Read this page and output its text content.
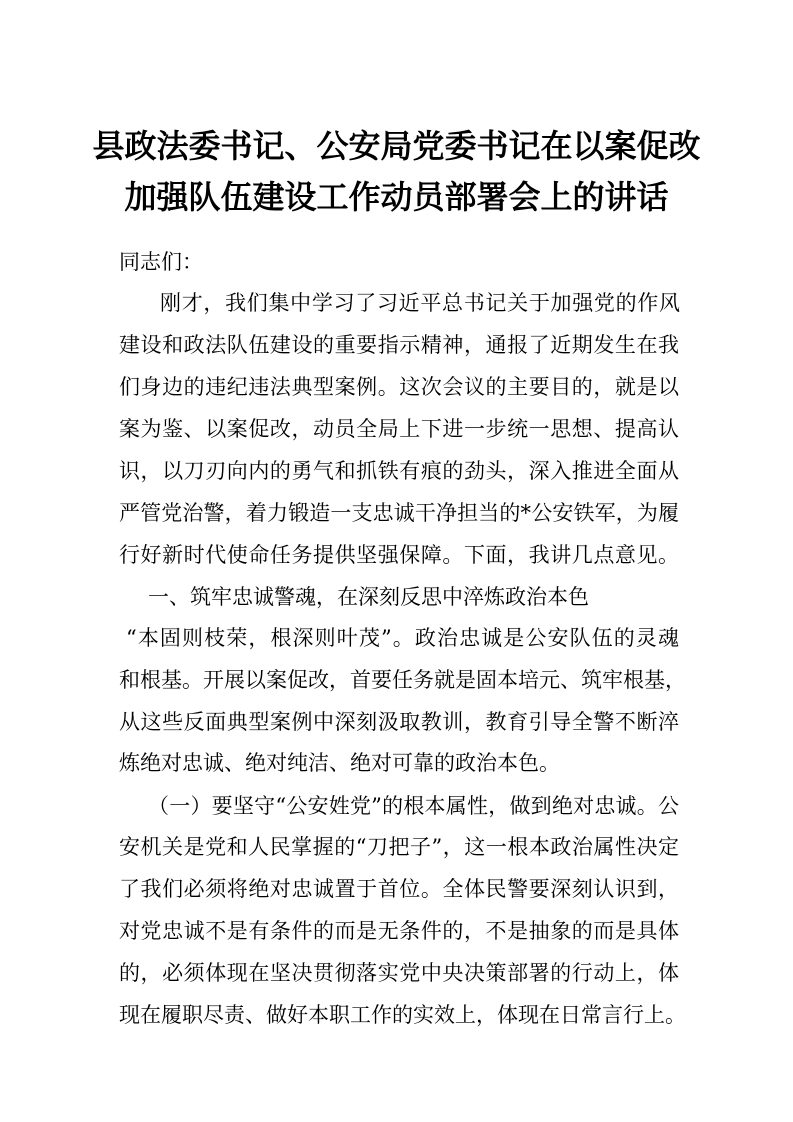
县政法委书记、公安局党委书记在以案促改
加强队伍建设工作动员部署会上的讲话
同志们：
刚才，我们集中学习了习近平总书记关于加强党的作风
建设和政法队伍建设的重要指示精神，通报了近期发生在我
们身边的违纪违法典型案例。这次会议的主要目的，就是以
案为鉴、以案促改，动员全局上下进一步统一思想、提高认
识，以刀刃向内的勇气和抓铁有痕的劲头，深入推进全面从
严管党治警，着力锻造一支忠诚干净担当的*公安铁军，为履
行好新时代使命任务提供坚强保障。下面，我讲几点意见。
一、筑牢忠诚警魂，在深刻反思中淬炼政治本色
“本固则枝荣，根深则叶茂”。政治忠诚是公安队伍的灵魂
和根基。开展以案促改，首要任务就是固本培元、筑牢根基，
从这些反面典型案例中深刻汲取教训，教育引导全警不断淬
炼绝对忠诚、绝对纯洁、绝对可靠的政治本色。
（一）要坚守“公安姓党”的根本属性，做到绝对忠诚。公
安机关是党和人民掌握的“刀把子”，这一根本政治属性决定
了我们必须将绝对忠诚置于首位。全体民警要深刻认识到，
对党忠诚不是有条件的而是无条件的，不是抽象的而是具体
的，必须体现在坚决贯彻落实党中央决策部署的行动上，体
现在履职尽责、做好本职工作的实效上，体现在日常言行上。
